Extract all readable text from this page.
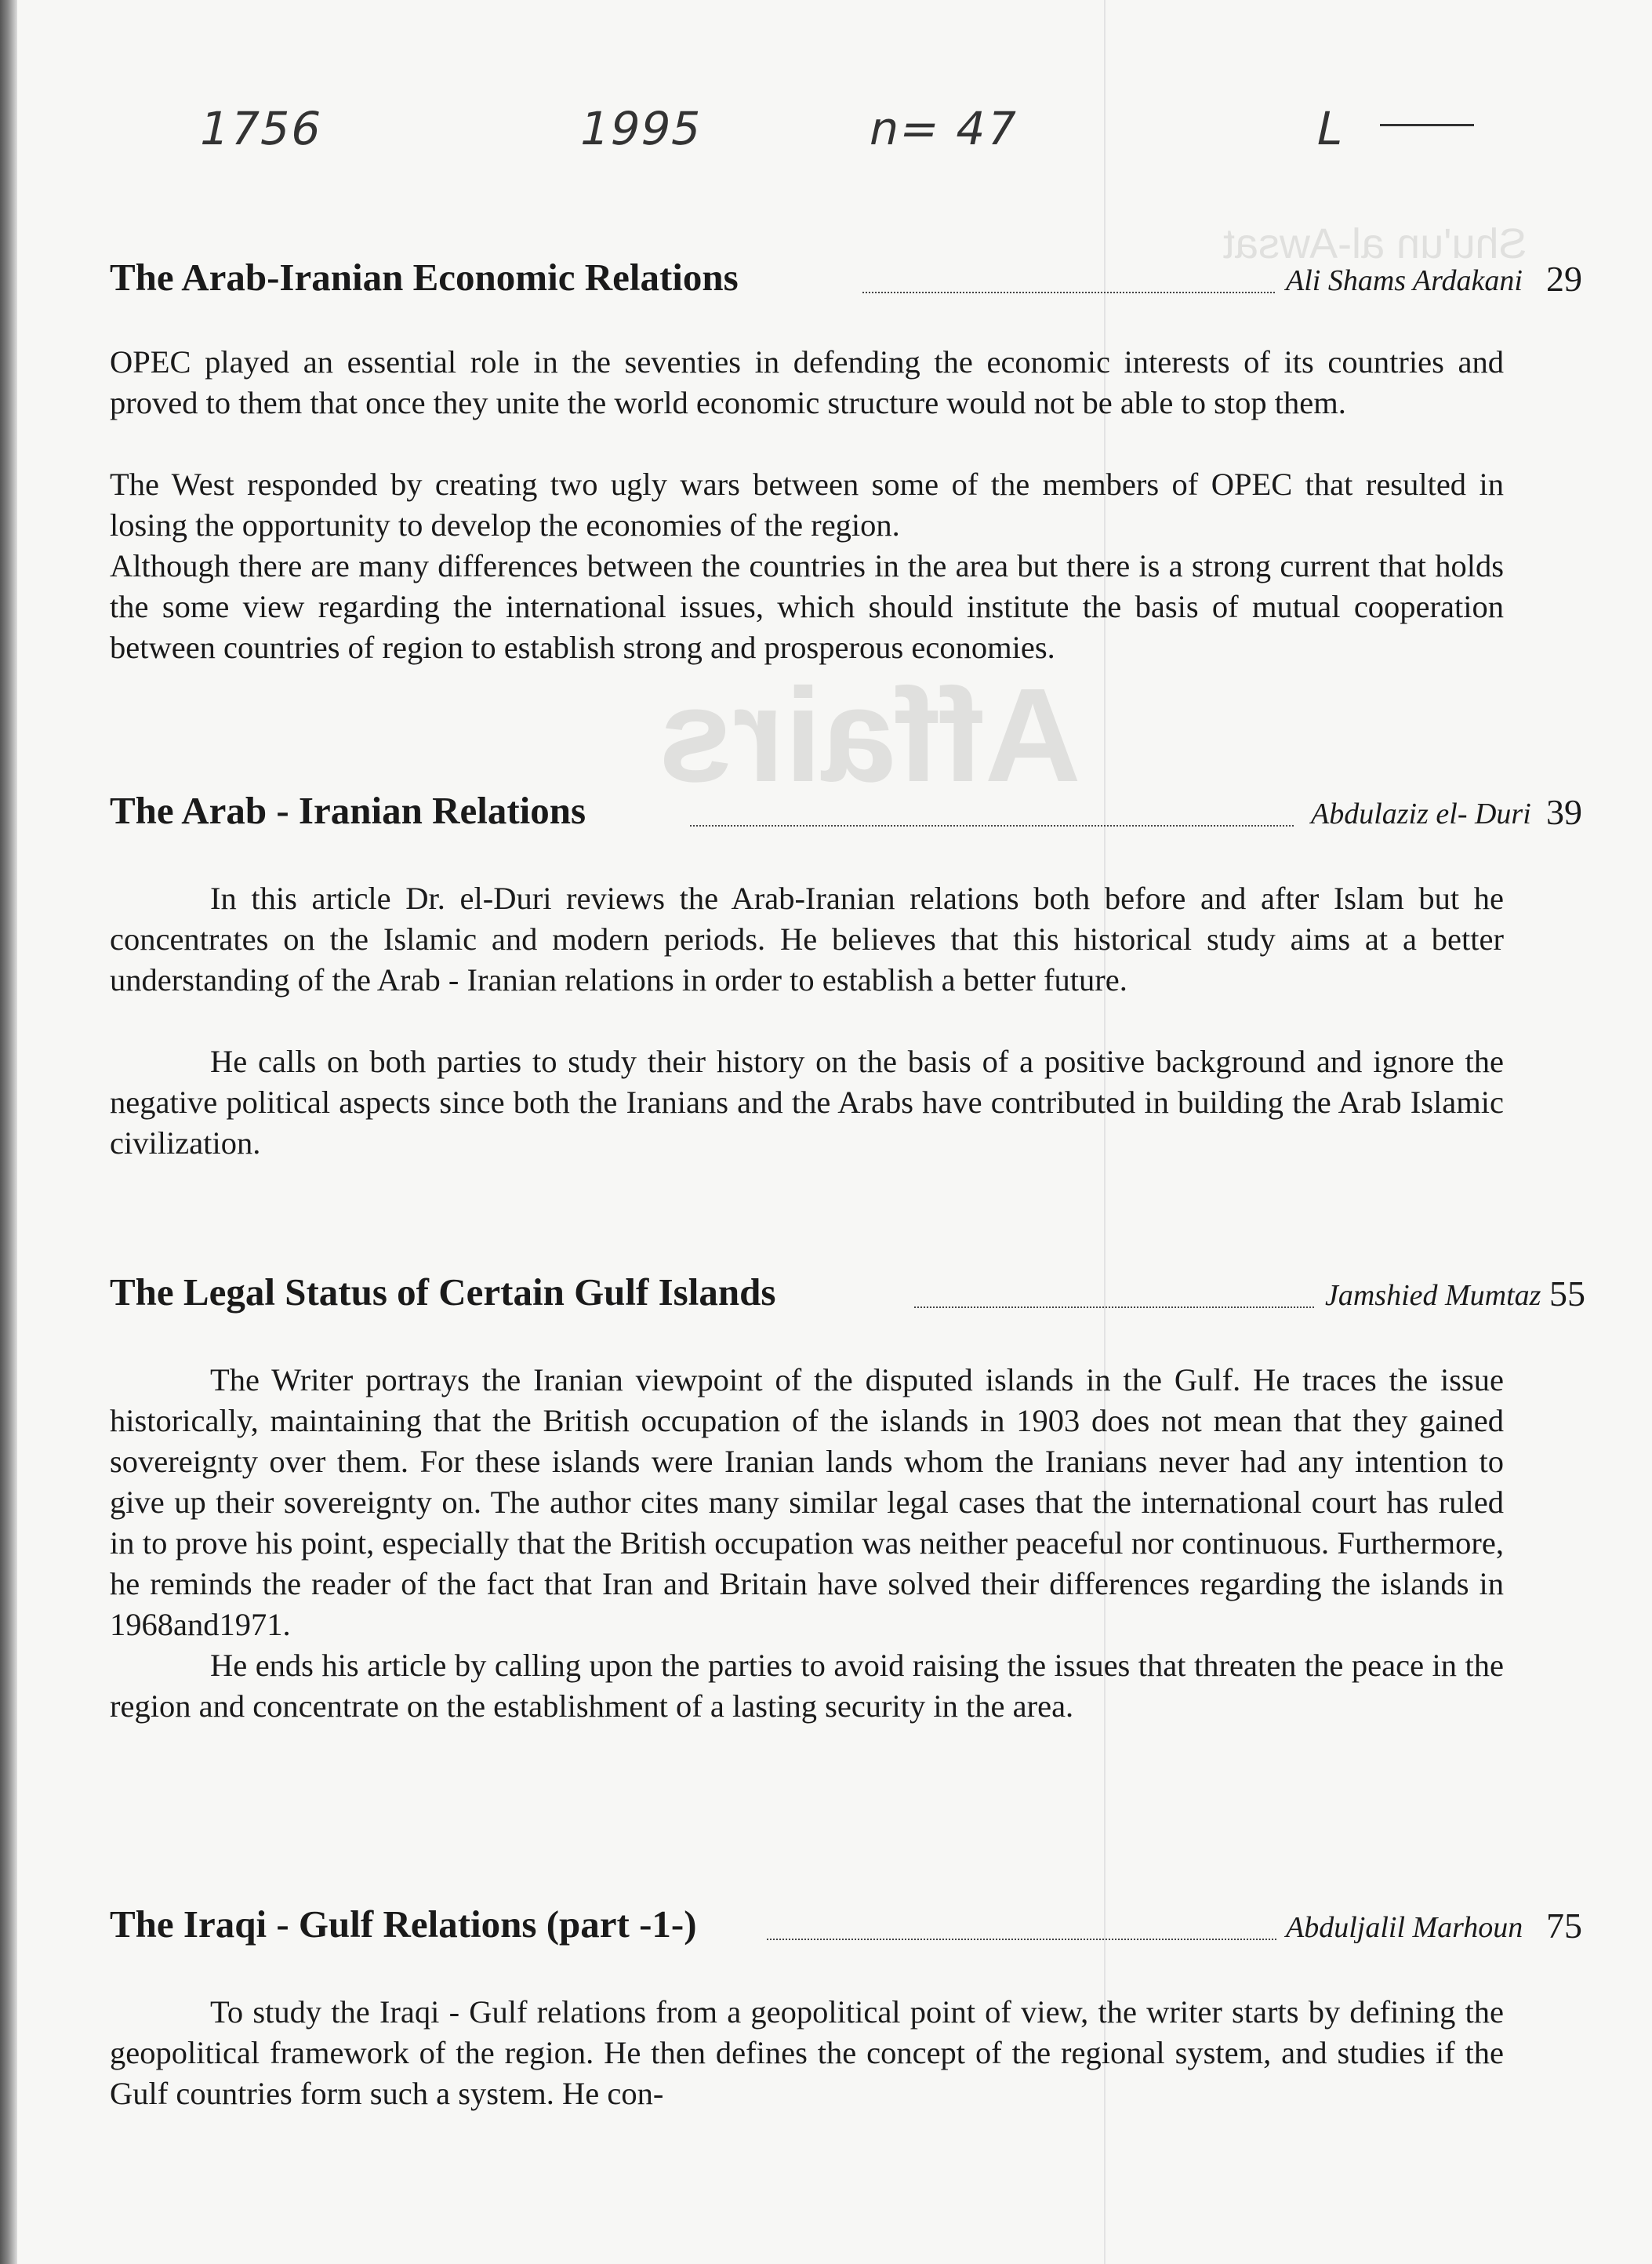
Shu'un al-Awsat
Affairs
1756	1995	n= 47	L
The Arab-Iranian Economic Relations	Ali Shams Ardakani 29

OPEC played an essential role in the seventies in defending the economic interests of its countries and proved to them that once they unite the world economic structure would not be able to stop them.

The West responded by creating two ugly wars between some of the members of OPEC that resulted in losing the opportunity to develop the economies of the region.

Although there are many differences between the countries in the area but there is a strong current that holds the some view regarding the international issues, which should institute the basis of mutual cooperation between countries of region to establish strong and prosperous economies.

The Arab - Iranian Relations	Abdulaziz el- Duri 39

In this article Dr. el-Duri reviews the Arab-Iranian relations both before and after Islam but he concentrates on the Islamic and modern periods. He believes that this historical study aims at a better understanding of the Arab - Iranian relations in order to establish a better future.

He calls on both parties to study their history on the basis of a positive background and ignore the negative political aspects since both the Iranians and the Arabs have contributed in building the Arab Islamic civilization.

The Legal Status of Certain Gulf Islands	Jamshied Mumtaz 55

The Writer portrays the Iranian viewpoint of the disputed islands in the Gulf. He traces the issue historically, maintaining that the British occupation of the islands in 1903 does not mean that they gained sovereignty over them. For these islands were Iranian lands whom the Iranians never had any intention to give up their sovereignty on. The author cites many similar legal cases that the international court has ruled in to prove his point, especially that the British occupation was neither peaceful nor continuous. Furthermore, he reminds the reader of the fact that Iran and Britain have solved their differences regarding the islands in 1968and1971.

He ends his article by calling upon the parties to avoid raising the issues that threaten the peace in the region and concentrate on the establishment of a lasting security in the area.

The Iraqi - Gulf Relations (part -1-)	Abduljalil Marhoun 75

To study the Iraqi - Gulf relations from a geopolitical point of view, the writer starts by defining the geopolitical framework of the region. He then defines the concept of the regional system, and studies if the Gulf countries form such a system. He con-
